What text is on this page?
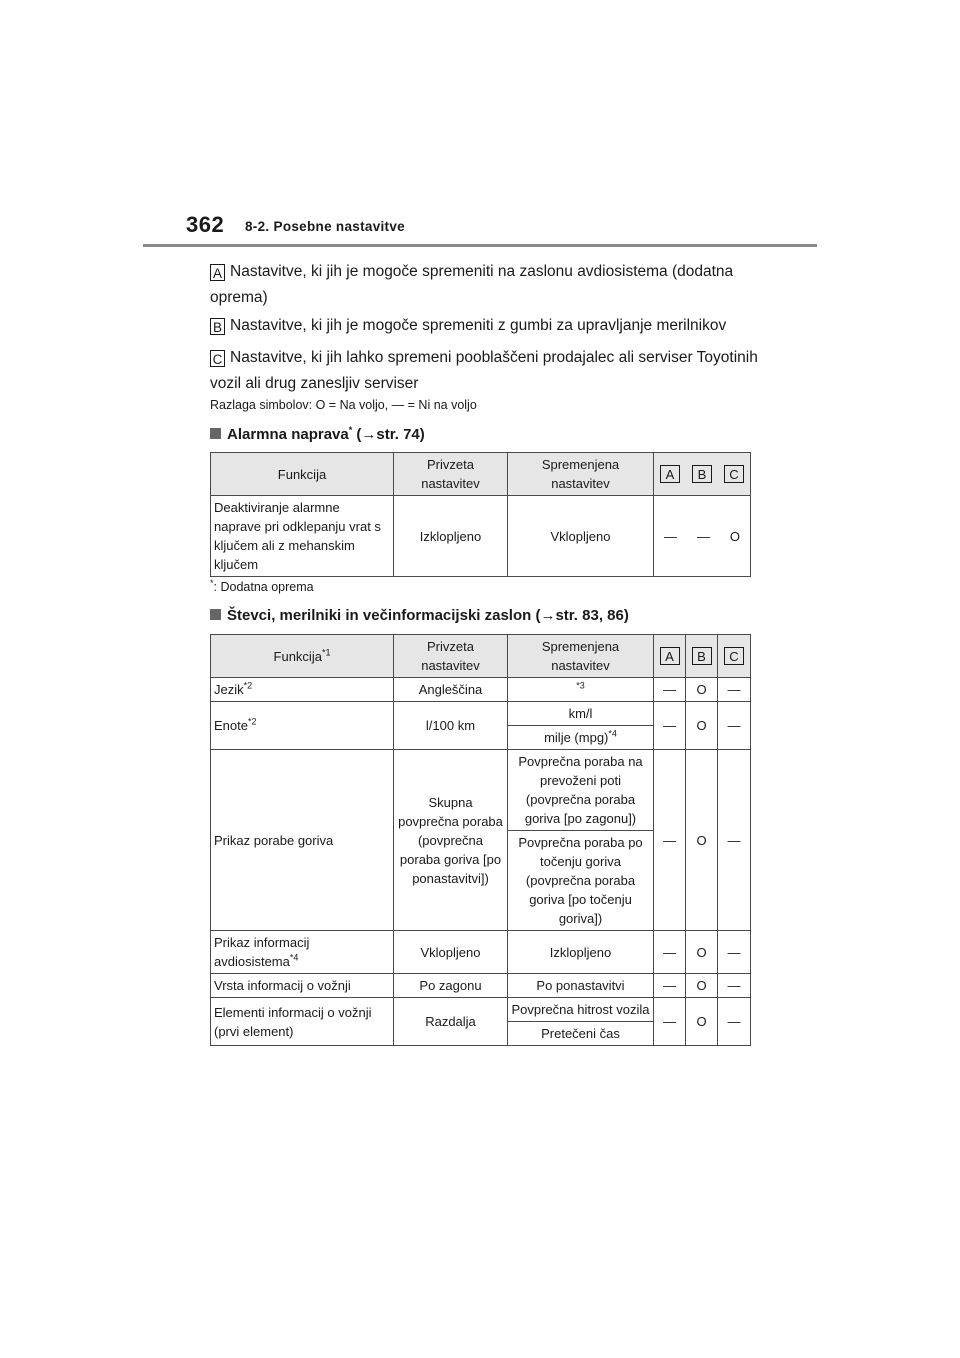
362 8-2. Posebne nastavitve
A Nastavitve, ki jih je mogoče spremeniti na zaslonu avdiosistema (dodatna oprema)
B Nastavitve, ki jih je mogoče spremeniti z gumbi za upravljanje merilnikov
C Nastavitve, ki jih lahko spremeni pooblaščeni prodajalec ali serviser Toyotinih vozil ali drug zanesljiv serviser
Razlaga simbolov: O = Na voljo, — = Ni na voljo
Alarmna naprava* (→str. 74)
Funkcija	Privzeta nastavitev	Spremenjena nastavitev	A B C

Deaktiviranje alarmne naprave pri odklepanju vrat s ključem ali z mehanskim ključem	Izklopljeno	Vklopljeno	— — O
*: Dodatna oprema
Števci, merilniki in večinformacijski zaslon (→str. 83, 86)
Funkcija$^{*1}$	Privzeta nastavitev	Spremenjena nastavitev	A	B	C
Jezik$^{*2}$	Angleščina	$^{*3}$	—	O	—
Enote$^{*2}$	l/100 km	km/l	—	O	—
		milje (mpg)$^{*4}$
Prikaz porabe goriva	Skupna povprečna poraba (povprečna poraba goriva [po ponastavitvi])	Povprečna poraba na prevoženi poti (povprečna poraba goriva [po zagonu])	—	O	—
		Povprečna poraba po točenju goriva (povprečna poraba goriva [po točenju goriva])			
Prikaz informacij avdiosistema$^{*4}$	Vklopljeno	Izklopljeno	—	O	—
Vrsta informacij o vožnji	Po zagonu	Po ponastavitvi	—	O	—
Elementi informacij o vožnji (prvi element)	Razdalja	Povprečna hitrost vozila	—	O	—
		Pretečeni čas			
